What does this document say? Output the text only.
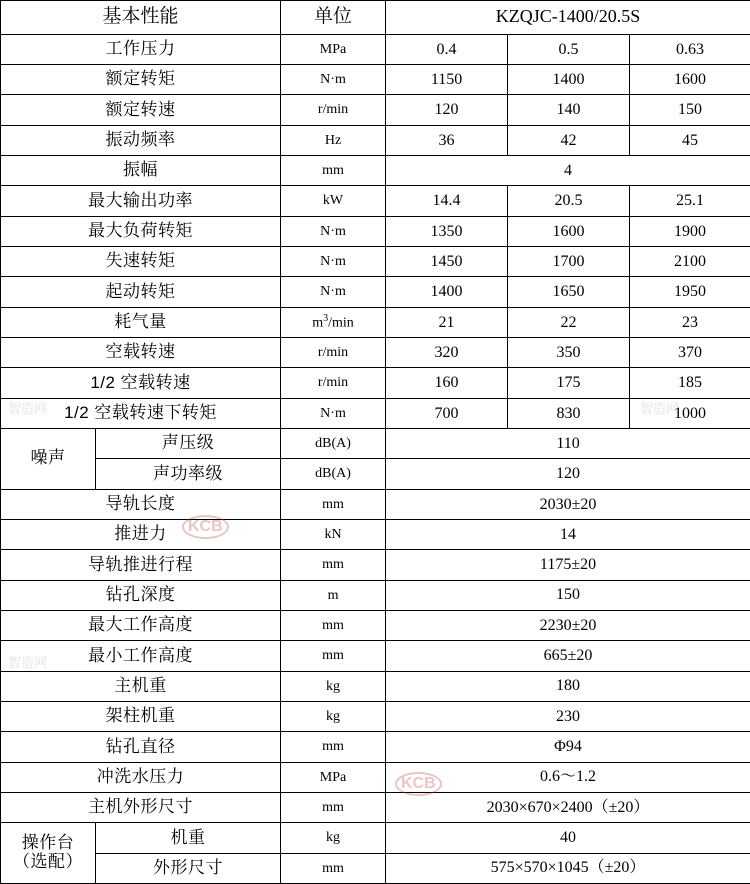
基本性能		单位	KZQJC-1400/20.5S		
工作压力		MPa	0.4	0.5	0.63
额定转矩		N·m	1150	1400	1600
额定转速		r/min	120	140	150
振动频率		Hz	36	42	45
振幅		mm	4		
最大输出功率		kW	14.4	20.5	25.1
最大负荷转矩		N·m	1350	1600	1900
失速转矩		N·m	1450	1700	2100
起动转矩		N·m	1400	1650	1950
耗气量		$m^3/\min$	21	22	23
空载转速		r/min	320	350	370
1/2 空载转速		r/min	160	175	185
1/2 空载转速下转矩		N·m	700	830	1000
噪声	声压级	dB(A)	110		
	声功率级	dB(A)	120		
导轨长度		mm	2030±20		
推进力		kN	14		
导轨推进行程		mm	1175±20		
钻孔深度		m	150		
最大工作高度		mm	2230±20		
最小工作高度		mm	665±20		
主机重		kg	180		
架柱机重		kg	230		
钻孔直径		mm	Φ94		
冲洗水压力		MPa	0.6～1.2		
主机外形尺寸		mm	2030×670×2400（±20）		

操作台
（选配）	机重	kg	40		
	外形尺寸	mm	575×570×1045（±20）		
KCB
KCB
智造网
智造网
智造网
